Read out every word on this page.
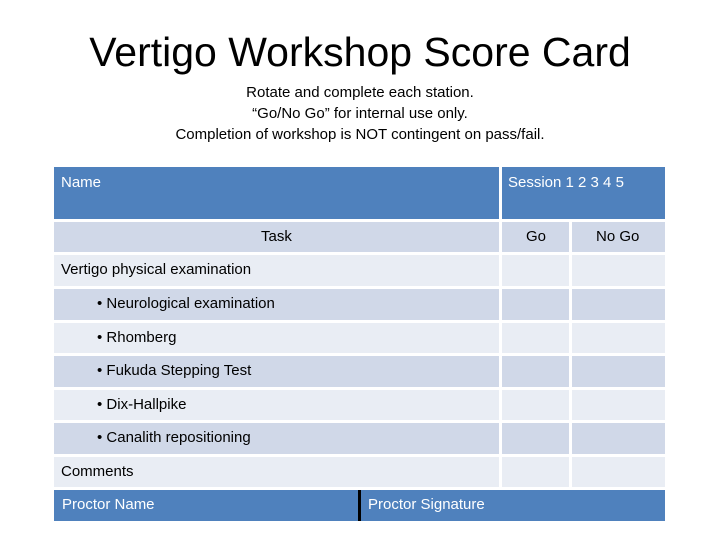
Vertigo Workshop Score Card
Rotate and complete each station.
“Go/No Go” for internal use only.
Completion of workshop is NOT contingent on pass/fail.
Name	Session 1 2 3 4 5
Task	Go	No Go
Vertigo physical examination
• Neurological examination
• Rhomberg
• Fukuda Stepping Test
• Dix-Hallpike
• Canalith repositioning
Comments
Proctor Name	Proctor Signature
